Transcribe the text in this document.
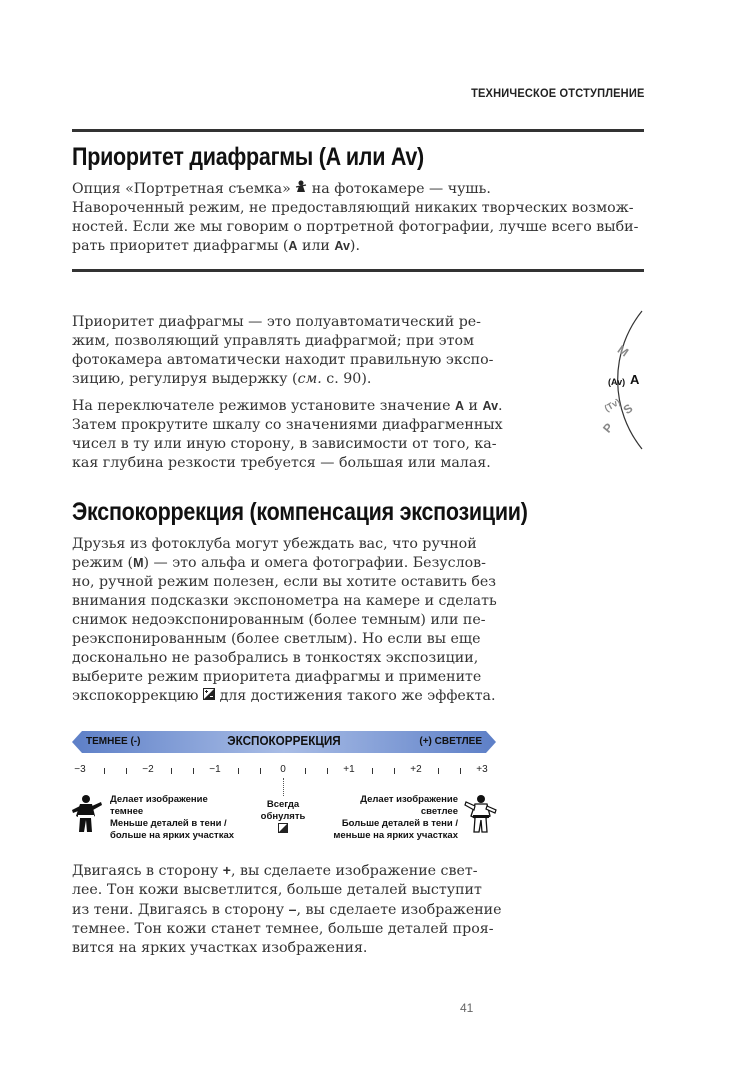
ТЕХНИЧЕСКОЕ ОТСТУПЛЕНИЕ
Приоритет диафрагмы (A или Av)
Опция «Портретная съемка» на фотокамере — чушь.
Навороченный режим, не предоставляющий никаких творческих возмож-
ностей. Если же мы говорим о портретной фотографии, лучше всего выби-
рать приоритет диафрагмы (A или Av).
Приоритет диафрагмы — это полуавтоматический ре-
жим, позволяющий управлять диафрагмой; при этом
фотокамера автоматически находит правильную экспо-
зицию, регулируя выдержку (см. с. 90).
На переключателе режимов установите значение A и Av.
Затем прокрутите шкалу со значениями диафрагменных
чисел в ту или иную сторону, в зависимости от того, ка-
кая глубина резкости требуется — большая или малая.
M
(Av) A
(Tv)
S
P
Экспокоррекция (компенсация экспозиции)
Друзья из фотоклуба могут убеждать вас, что ручной
режим (M) — это альфа и омега фотографии. Безуслов-
но, ручной режим полезен, если вы хотите оставить без
внимания подсказки экспонометра на камере и сделать
снимок недоэкспонированным (более темным) или пе-
реэкспонированным (более светлым). Но если вы еще
досконально не разобрались в тонкостях экспозиции,
выберите режим приоритета диафрагмы и примените
экспокоррекцию для достижения такого же эффекта.
ТЕМНЕЕ (-)	ЭКСПОКОРРЕКЦИЯ	(+) СВЕТЛЕЕ
−3	−2	−1	0	+1	+2	+3
Делает изображение темнее
Меньше деталей в тени /
больше на ярких участках
Всегда
обнулять
Делает изображение светлее
Больше деталей в тени /
меньше на ярких участках
Двигаясь в сторону +, вы сделаете изображение свет-
лее. Тон кожи высветлится, больше деталей выступит
из тени. Двигаясь в сторону –, вы сделаете изображение
темнее. Тон кожи станет темнее, больше деталей проя-
вится на ярких участках изображения.
41
